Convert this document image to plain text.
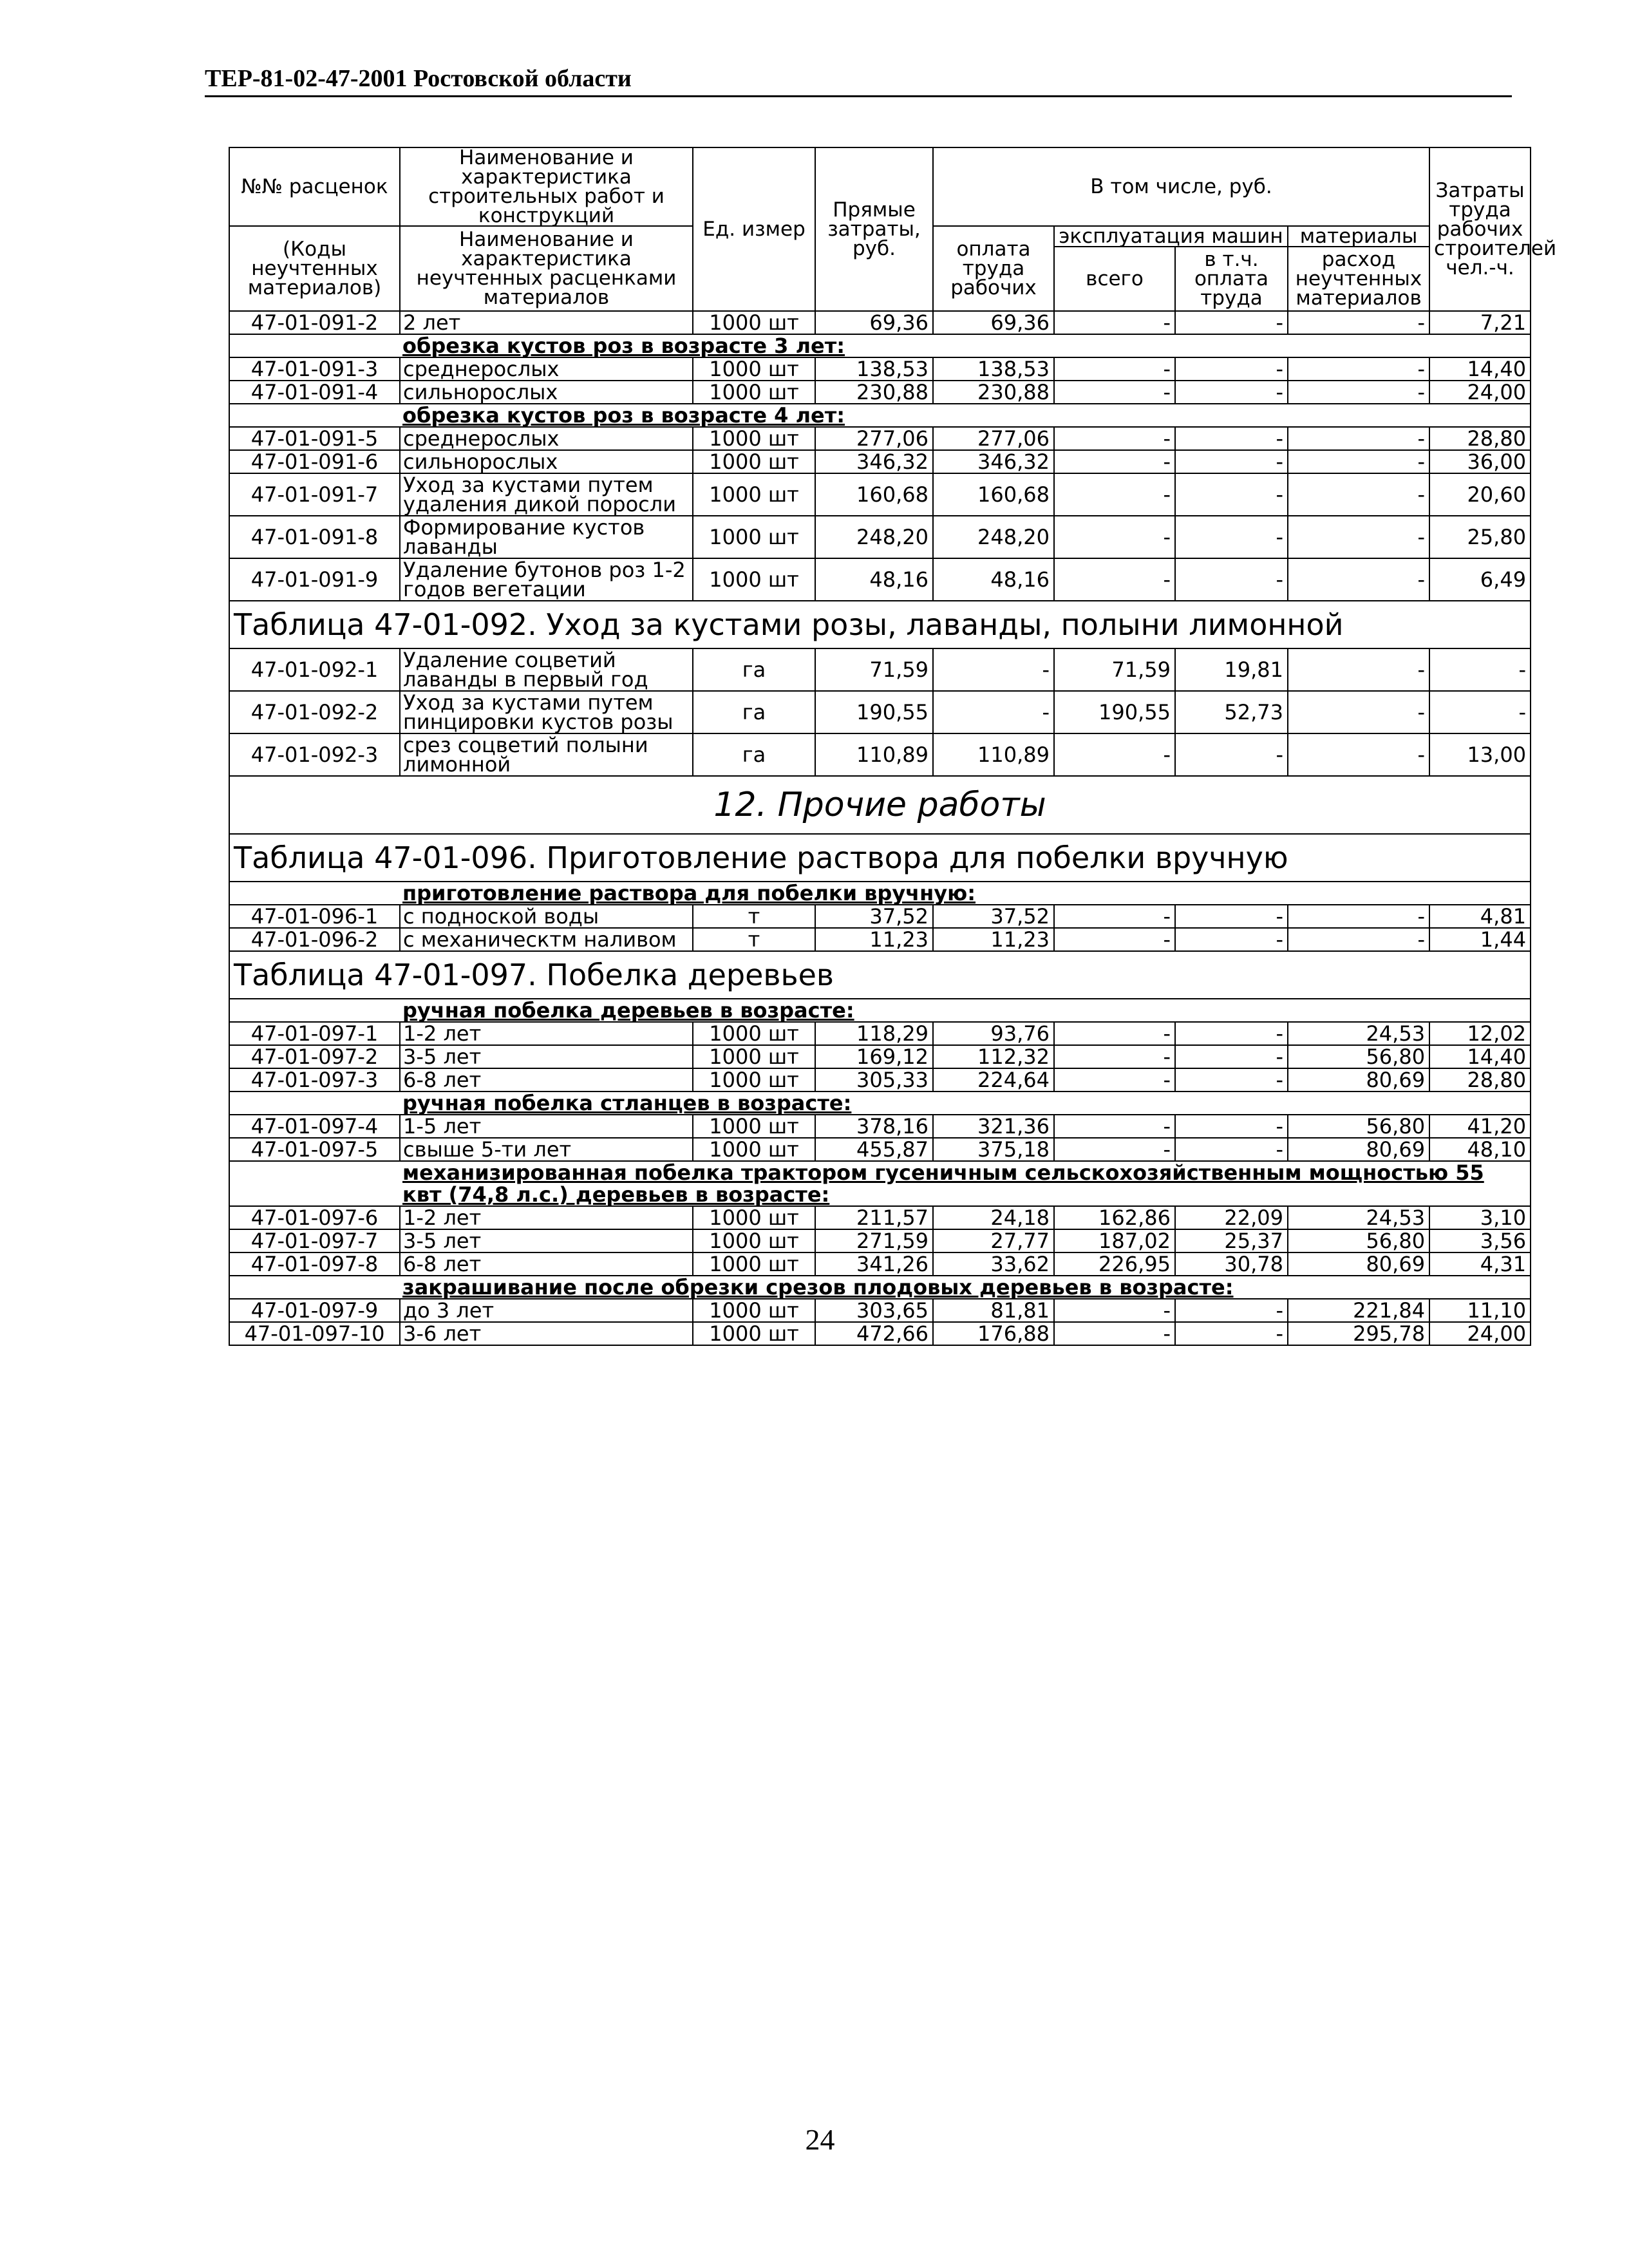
ТЕР-81-02-47-2001 Ростовской области
№№ расценок	Наименование и характеристика строительных работ и конструкций	Ед. измер	Прямые затраты, руб.	В том числе, руб.				Затраты труда рабочих строителей чел.-ч.
(Коды неучтенных материалов)	Наименование и характеристика неучтенных расценками материалов			оплата труда рабочих	эксплуатация машин		материалы	
					всего	в т.ч. оплата труда	расход неучтенных материалов	
47-01-091-2	2 лет	1000 шт	69,36	69,36	-	-	-	7,21

обрезка кустов роз в возрасте 3 лет:								

47-01-091-3	среднерослых	1000 шт	138,53	138,53	-	-	-	14,40
47-01-091-4	сильнорослых	1000 шт	230,88	230,88	-	-	-	24,00

обрезка кустов роз в возрасте 4 лет:								

47-01-091-5	среднерослых	1000 шт	277,06	277,06	-	-	-	28,80
47-01-091-6	сильнорослых	1000 шт	346,32	346,32	-	-	-	36,00
47-01-091-7	Уход за кустами путем удаления дикой поросли	1000 шт	160,68	160,68	-	-	-	20,60
47-01-091-8	Формирование кустов лаванды	1000 шт	248,20	248,20	-	-	-	25,80
47-01-091-9	Удаление бутонов роз 1-2 годов вегетации	1000 шт	48,16	48,16	-	-	-	6,49
Таблица 47-01-092. Уход за кустами розы, лаванды, полыни лимонной								
47-01-092-1	Удаление соцветий лаванды в первый год	га	71,59	-	71,59	19,81	-	-
47-01-092-2	Уход за кустами путем пинцировки кустов розы	га	190,55	-	190,55	52,73	-	-
47-01-092-3	срез соцветий полыни лимонной	га	110,89	110,89	-	-	-	13,00
12. Прочие работы								
Таблица 47-01-096. Приготовление раствора для побелки вручную								

приготовление раствора для побелки вручную:								

47-01-096-1	с подноской воды	т	37,52	37,52	-	-	-	4,81
47-01-096-2	с механическтм наливом	т	11,23	11,23	-	-	-	1,44
Таблица 47-01-097. Побелка деревьев								

ручная побелка деревьев в возрасте:								

47-01-097-1	1-2 лет	1000 шт	118,29	93,76	-	-	24,53	12,02
47-01-097-2	3-5 лет	1000 шт	169,12	112,32	-	-	56,80	14,40
47-01-097-3	6-8 лет	1000 шт	305,33	224,64	-	-	80,69	28,80

ручная побелка стланцев в возрасте:								

47-01-097-4	1-5 лет	1000 шт	378,16	321,36	-	-	56,80	41,20
47-01-097-5	свыше 5-ти лет	1000 шт	455,87	375,18	-	-	80,69	48,10

механизированная побелка трактором гусеничным сельскохозяйственным мощностью 55 квт (74,8 л.с.) деревьев в возрасте:								

47-01-097-6	1-2 лет	1000 шт	211,57	24,18	162,86	22,09	24,53	3,10
47-01-097-7	3-5 лет	1000 шт	271,59	27,77	187,02	25,37	56,80	3,56
47-01-097-8	6-8 лет	1000 шт	341,26	33,62	226,95	30,78	80,69	4,31

закрашивание после обрезки срезов плодовых деревьев в возрасте:								

47-01-097-9	до 3 лет	1000 шт	303,65	81,81	-	-	221,84	11,10
47-01-097-10	3-6 лет	1000 шт	472,66	176,88	-	-	295,78	24,00
24
